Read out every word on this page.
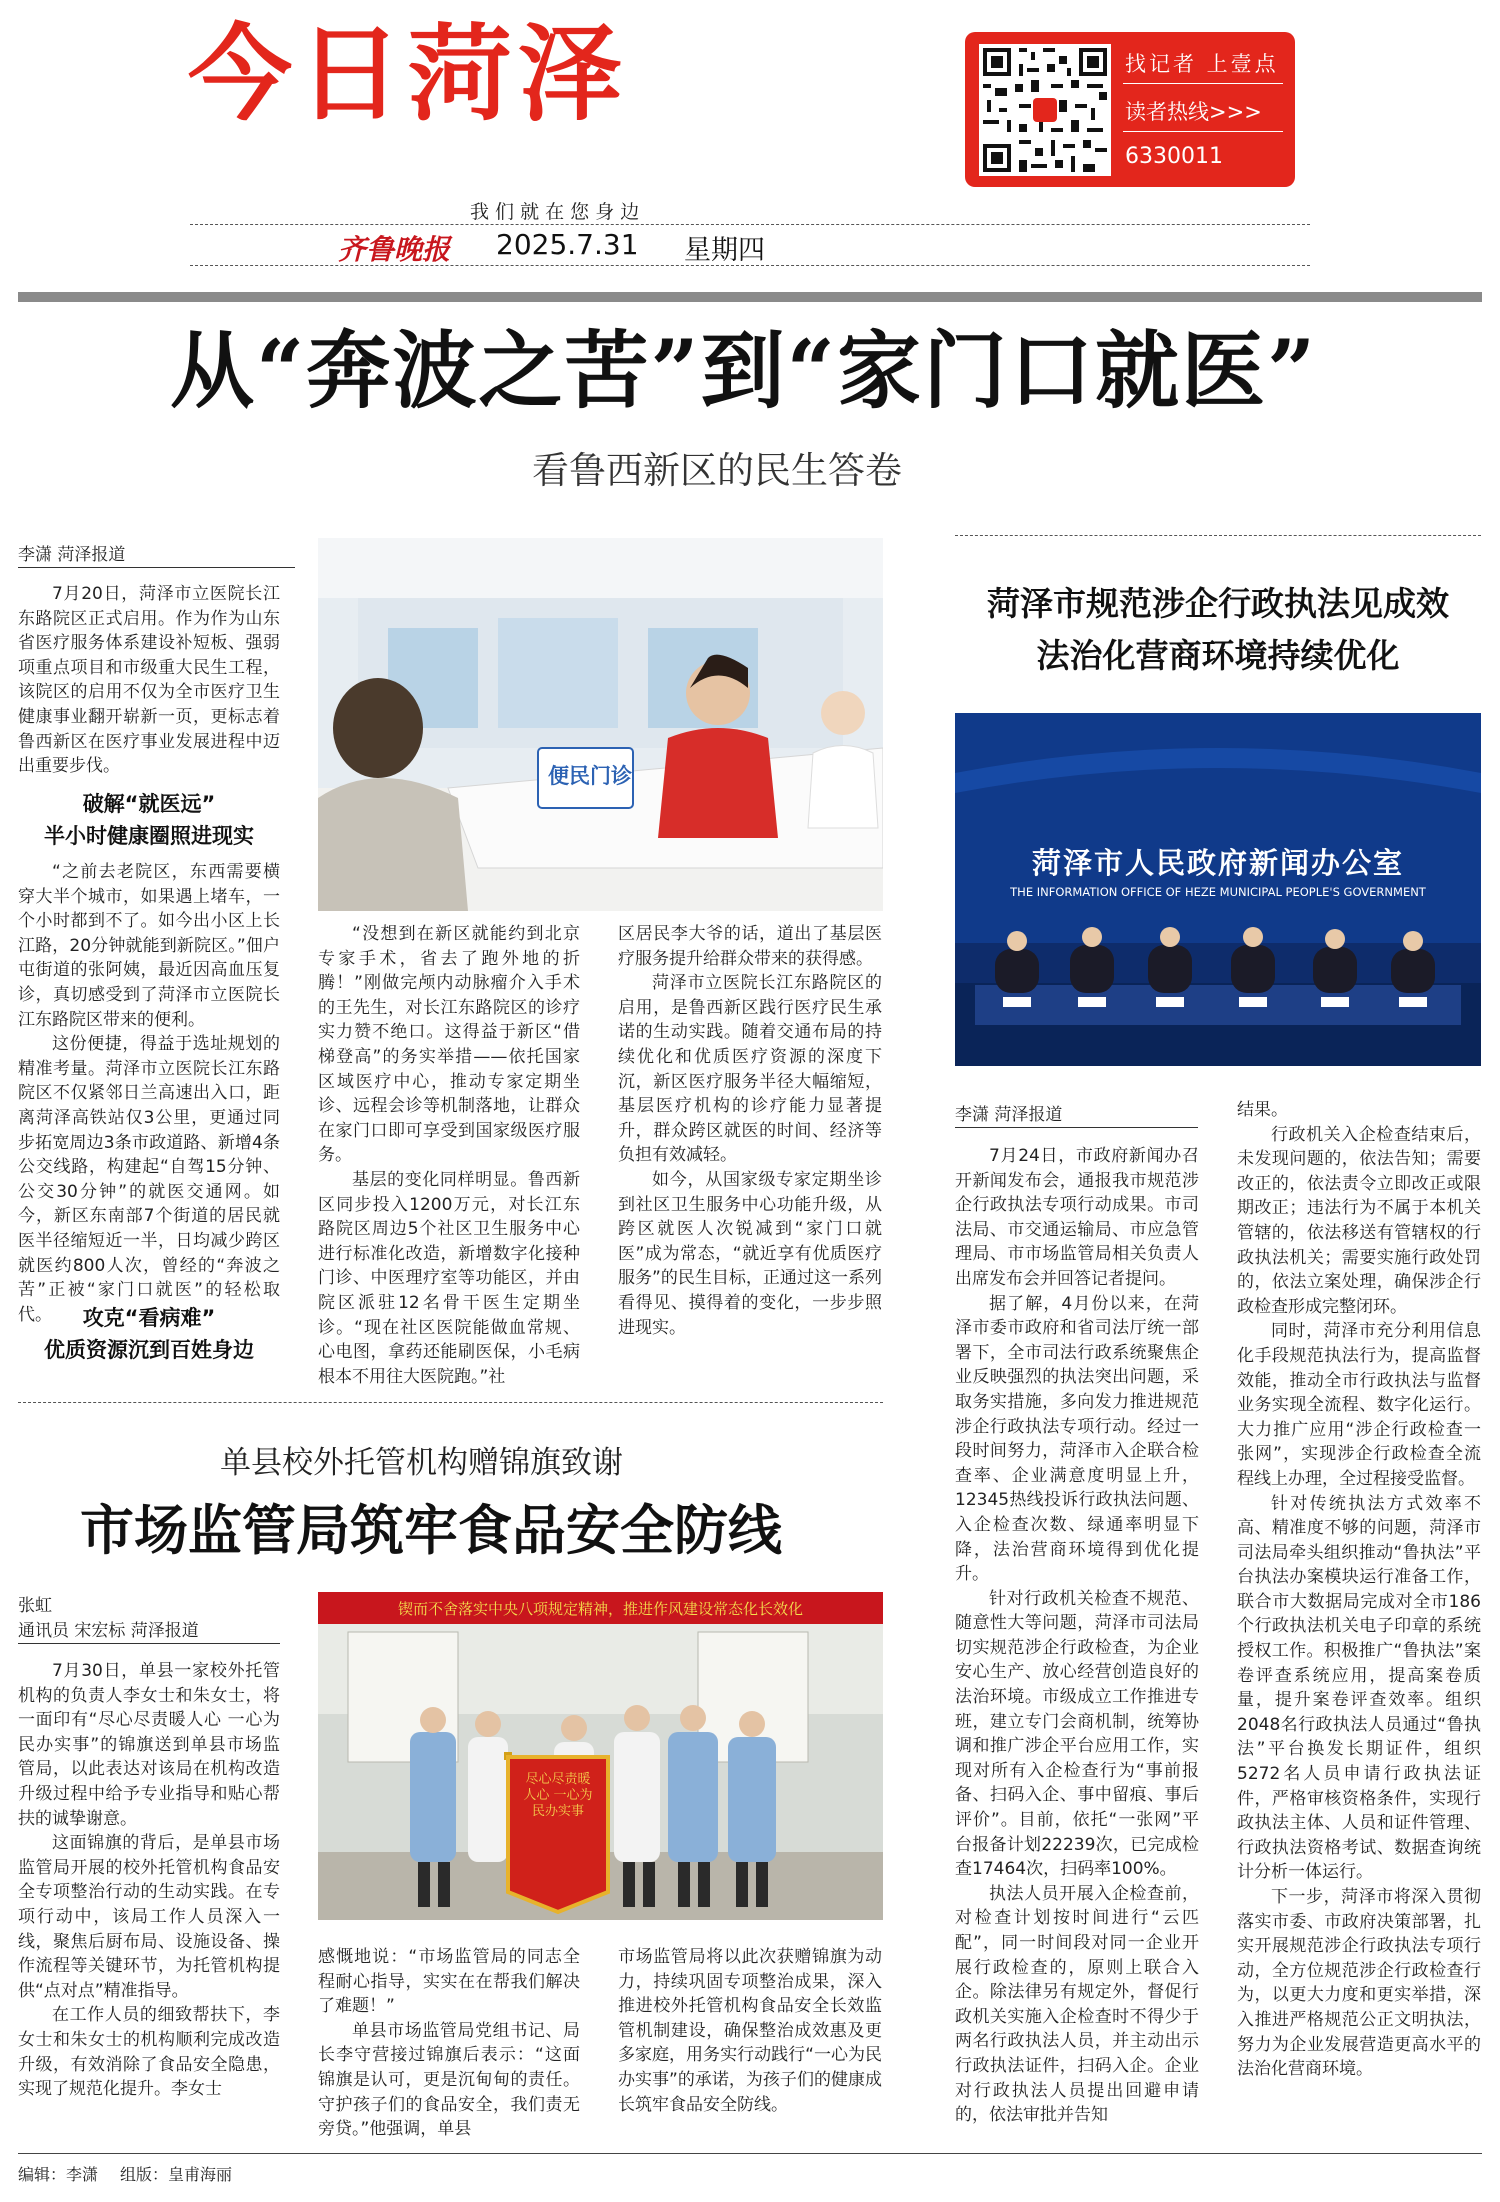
今日菏泽	找记者 上壹点
读者热线>>>
6330011
我 们 就 在 您 身 边
齐鲁晚报 2025.7.31 星期四
从“奔波之苦”到“家门口就医”
看鲁西新区的民生答卷
李潇 菏泽报道

7月20日，菏泽市立医院长江东路院区正式启用。作为作为山东省医疗服务体系建设补短板、强弱项重点项目和市级重大民生工程，该院区的启用不仅为全市医疗卫生健康事业翻开崭新一页，更标志着鲁西新区在医疗事业发展进程中迈出重要步伐。

破解“就医远”
半小时健康圈照进现实

“之前去老院区，东西需要横穿大半个城市，如果遇上堵车，一个小时都到不了。如今出小区上长江路，20分钟就能到新院区。”佃户屯街道的张阿姨，最近因高血压复诊，真切感受到了菏泽市立医院长江东路院区带来的便利。

这份便捷，得益于选址规划的精准考量。菏泽市立医院长江东路院区不仅紧邻日兰高速出入口，距离菏泽高铁站仅3公里，更通过同步拓宽周边3条市政道路、新增4条公交线路，构建起“自驾15分钟、公交30分钟”的就医交通网。如今，新区东南部7个街道的居民就医半径缩短近一半，日均减少跨区就医约800人次，曾经的“奔波之苦”正被“家门口就医”的轻松取代。	攻克“看病难”
优质资源沉到百姓身边
便民门诊

“没想到在新区就能约到北京专家手术，省去了跑外地的折腾！”刚做完颅内动脉瘤介入手术的王先生，对长江东路院区的诊疗实力赞不绝口。这得益于新区“借梯登高”的务实举措——依托国家区域医疗中心，推动专家定期坐诊、远程会诊等机制落地，让群众在家门口即可享受到国家级医疗服务。

基层的变化同样明显。鲁西新区同步投入1200万元，对长江东路院区周边5个社区卫生服务中心进行标准化改造，新增数字化接种门诊、中医理疗室等功能区，并由院区派驻12名骨干医生定期坐诊。“现在社区医院能做血常规、心电图，拿药还能刷医保，小毛病根本不用往大医院跑。”社

区居民李大爷的话，道出了基层医疗服务提升给群众带来的获得感。

菏泽市立医院长江东路院区的启用，是鲁西新区践行医疗民生承诺的生动实践。随着交通布局的持续优化和优质医疗资源的深度下沉，新区医疗服务半径大幅缩短，基层医疗机构的诊疗能力显著提升，群众跨区就医的时间、经济等负担有效减轻。

如今，从国家级专家定期坐诊到社区卫生服务中心功能升级，从跨区就医人次锐减到“家门口就医”成为常态，“就近享有优质医疗服务”的民生目标，正通过这一系列看得见、摸得着的变化，一步步照进现实。

菏泽市规范涉企行政执法见成效
法治化营商环境持续优化
菏泽市人民政府新闻办公室
THE INFORMATION OFFICE OF HEZE MUNICIPAL PEOPLE'S GOVERNMENT
李潇 菏泽报道

7月24日，市政府新闻办召开新闻发布会，通报我市规范涉企行政执法专项行动成果。市司法局、市交通运输局、市应急管理局、市市场监管局相关负责人出席发布会并回答记者提问。

据了解，4月份以来，在菏泽市委市政府和省司法厅统一部署下，全市司法行政系统聚焦企业反映强烈的执法突出问题，采取务实措施，多向发力推进规范涉企行政执法专项行动。经过一段时间努力，菏泽市入企联合检查率、企业满意度明显上升，12345热线投诉行政执法问题、入企检查次数、绿通率明显下降，法治营商环境得到优化提升。

针对行政机关检查不规范、随意性大等问题，菏泽市司法局切实规范涉企行政检查，为企业安心生产、放心经营创造良好的法治环境。市级成立工作推进专班，建立专门会商机制，统筹协调和推广涉企平台应用工作，实现对所有入企检查行为“事前报备、扫码入企、事中留痕、事后评价”。目前，依托“一张网”平台报备计划22239次，已完成检查17464次，扫码率100%。

执法人员开展入企检查前，对检查计划按时间进行“云匹配”，同一时间段对同一企业开展行政检查的，原则上联合入企。除法律另有规定外，督促行政机关实施入企检查时不得少于两名行政执法人员，并主动出示行政执法证件，扫码入企。企业对行政执法人员提出回避申请的，依法审批并告知

结果。

行政机关入企检查结束后，未发现问题的，依法告知；需要改正的，依法责令立即改正或限期改正；违法行为不属于本机关管辖的，依法移送有管辖权的行政执法机关；需要实施行政处罚的，依法立案处理，确保涉企行政检查形成完整闭环。

同时，菏泽市充分利用信息化手段规范执法行为，提高监督效能，推动全市行政执法与监督业务实现全流程、数字化运行。大力推广应用“涉企行政检查一张网”，实现涉企行政检查全流程线上办理，全过程接受监督。

针对传统执法方式效率不高、精准度不够的问题，菏泽市司法局牵头组织推动“鲁执法”平台执法办案模块运行准备工作，联合市大数据局完成对全市186个行政执法机关电子印章的系统授权工作。积极推广“鲁执法”案卷评查系统应用，提高案卷质量，提升案卷评查效率。组织2048名行政执法人员通过“鲁执法”平台换发长期证件，组织5272名人员申请行政执法证件，严格审核资格条件，实现行政执法主体、人员和证件管理、行政执法资格考试、数据查询统计分析一体运行。

下一步，菏泽市将深入贯彻落实市委、市政府决策部署，扎实开展规范涉企行政执法专项行动，全方位规范涉企行政检查行为，以更大力度和更实举措，深入推进严格规范公正文明执法，努力为企业发展营造更高水平的法治化营商环境。

单县校外托管机构赠锦旗致谢
市场监管局筑牢食品安全防线
张虹
通讯员 宋宏标 菏泽报道

7月30日，单县一家校外托管机构的负责人李女士和朱女士，将一面印有“尽心尽责暖人心 一心为民办实事”的锦旗送到单县市场监管局，以此表达对该局在机构改造升级过程中给予专业指导和贴心帮扶的诚挚谢意。

这面锦旗的背后，是单县市场监管局开展的校外托管机构食品安全专项整治行动的生动实践。在专项行动中，该局工作人员深入一线，聚焦后厨布局、设施设备、操作流程等关键环节，为托管机构提供“点对点”精准指导。

在工作人员的细致帮扶下，李女士和朱女士的机构顺利完成改造升级，有效消除了食品安全隐患，实现了规范化提升。李女士

锲而不舍落实中央八项规定精神，推进作风建设常态化长效化
尽心尽责暖人心 一心为民办实事

感慨地说：“市场监管局的同志全程耐心指导，实实在在帮我们解决了难题！”

单县市场监管局党组书记、局长李守营接过锦旗后表示：“这面锦旗是认可，更是沉甸甸的责任。守护孩子们的食品安全，我们责无旁贷。”他强调，单县

市场监管局将以此次获赠锦旗为动力，持续巩固专项整治成果，深入推进校外托管机构食品安全长效监管机制建设，确保整治成效惠及更多家庭，用务实行动践行“一心为民办实事”的承诺，为孩子们的健康成长筑牢食品安全防线。

编辑：李潇 组版：皇甫海丽
